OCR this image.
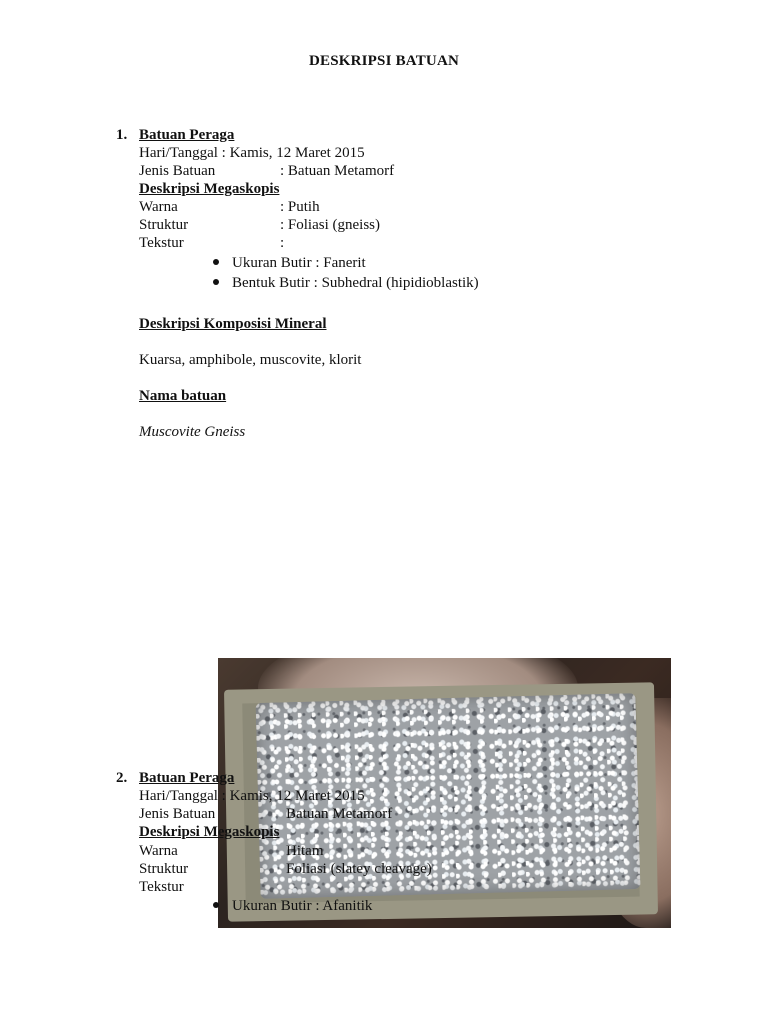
DESKRIPSI BATUAN
1. Batuan Peraga
Hari/Tanggal : Kamis, 12 Maret 2015
Jenis Batuan	: Batuan Metamorf
Deskripsi Megaskopis
Warna	: Putih
Struktur	: Foliasi (gneiss)
Tekstur	:
Ukuran Butir : Fanerit
Bentuk Butir : Subhedral (hipidioblastik)
Deskripsi Komposisi Mineral
Kuarsa, amphibole, muscovite, klorit
Nama batuan
Muscovite Gneiss
2. Batuan Peraga
Hari/Tanggal : Kamis, 12 Maret 2015
Jenis Batuan	Batuan Metamorf
Deskripsi Megaskopis
Warna	Hitam
Struktur	Foliasi (slatey cleavage)
Tekstur
Ukuran Butir : Afanitik
